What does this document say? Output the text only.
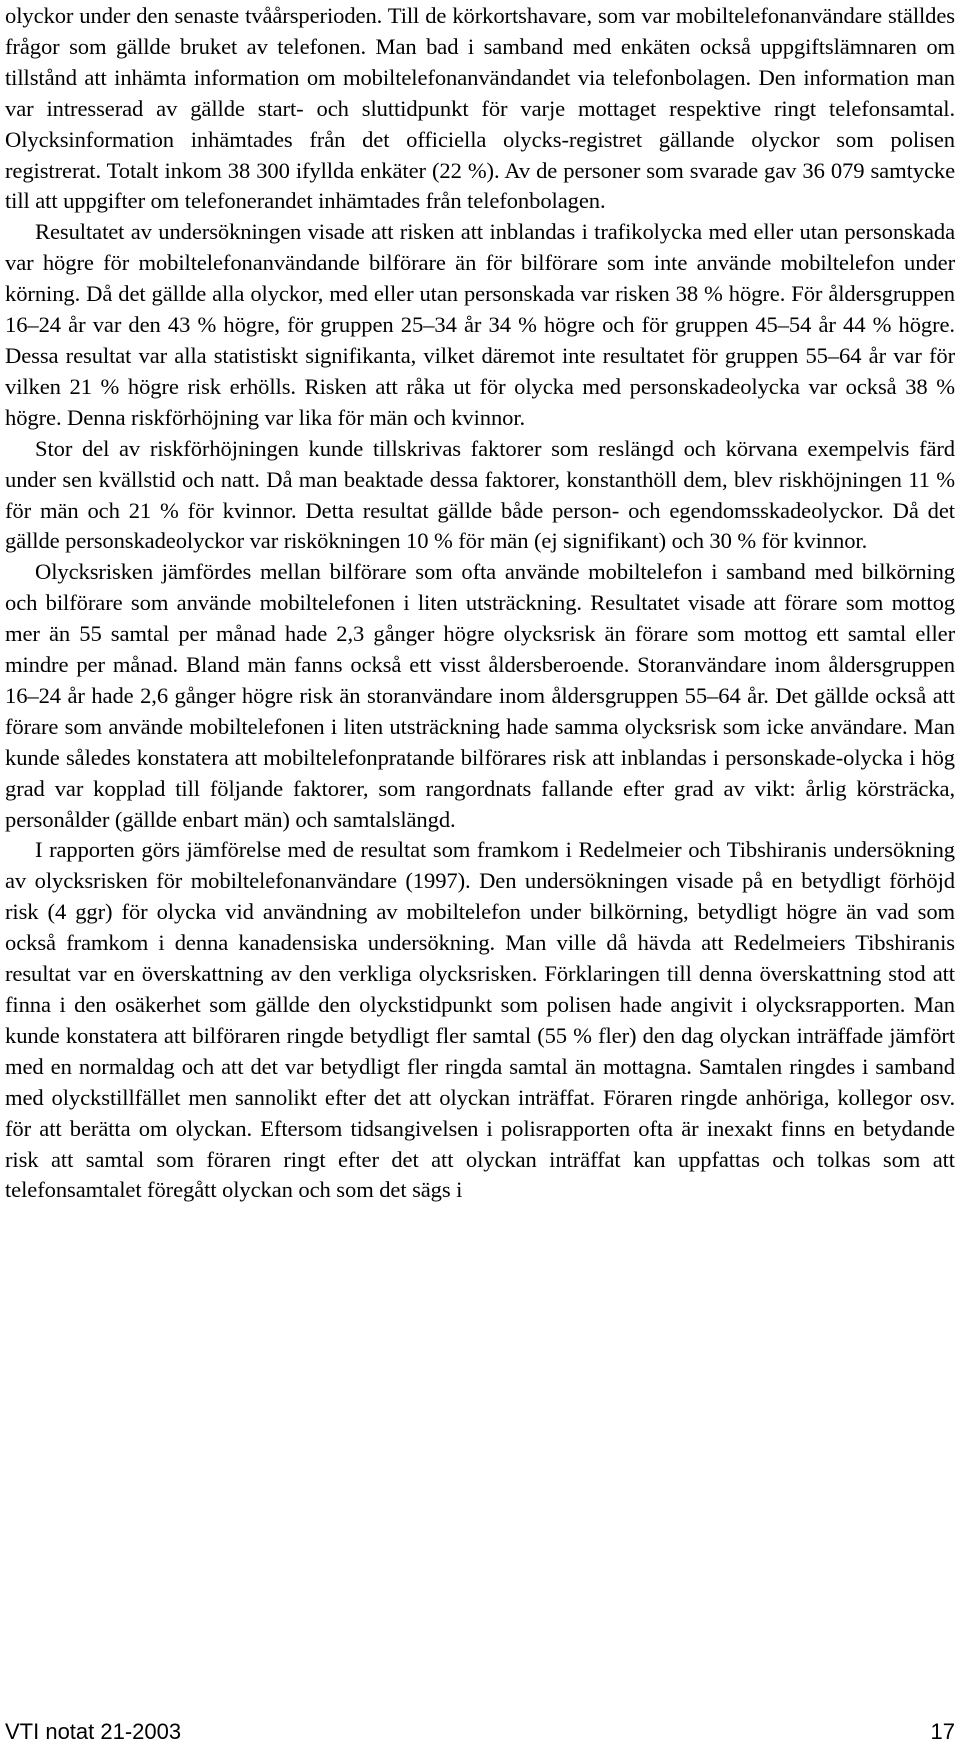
olyckor under den senaste tvåårsperioden. Till de körkortshavare, som var mobiltelefonanvändare ställdes frågor som gällde bruket av telefonen. Man bad i samband med enkäten också uppgiftslämnaren om tillstånd att inhämta information om mobiltelefonanvändandet via telefonbolagen. Den information man var intresserad av gällde start- och sluttidpunkt för varje mottaget respektive ringt telefonsamtal. Olycksinformation inhämtades från det officiella olycks-registret gällande olyckor som polisen registrerat. Totalt inkom 38 300 ifyllda enkäter (22 %). Av de personer som svarade gav 36 079 samtycke till att uppgifter om telefonerandet inhämtades från telefonbolagen.

Resultatet av undersökningen visade att risken att inblandas i trafikolycka med eller utan personskada var högre för mobiltelefonanvändande bilförare än för bilförare som inte använde mobiltelefon under körning. Då det gällde alla olyckor, med eller utan personskada var risken 38 % högre. För åldersgruppen 16–24 år var den 43 % högre, för gruppen 25–34 år 34 % högre och för gruppen 45–54 år 44 % högre. Dessa resultat var alla statistiskt signifikanta, vilket däremot inte resultatet för gruppen 55–64 år var för vilken 21 % högre risk erhölls. Risken att råka ut för olycka med personskadeolycka var också 38 % högre. Denna riskförhöjning var lika för män och kvinnor.

Stor del av riskförhöjningen kunde tillskrivas faktorer som reslängd och körvana exempelvis färd under sen kvällstid och natt. Då man beaktade dessa faktorer, konstanthöll dem, blev riskhöjningen 11 % för män och 21 % för kvinnor. Detta resultat gällde både person- och egendomsskadeolyckor. Då det gällde personskadeolyckor var riskökningen 10 % för män (ej signifikant) och 30 % för kvinnor.

Olycksrisken jämfördes mellan bilförare som ofta använde mobiltelefon i samband med bilkörning och bilförare som använde mobiltelefonen i liten utsträckning. Resultatet visade att förare som mottog mer än 55 samtal per månad hade 2,3 gånger högre olycksrisk än förare som mottog ett samtal eller mindre per månad. Bland män fanns också ett visst åldersberoende. Storanvändare inom åldersgruppen 16–24 år hade 2,6 gånger högre risk än storanvändare inom åldersgruppen 55–64 år. Det gällde också att förare som använde mobiltelefonen i liten utsträckning hade samma olycksrisk som icke användare. Man kunde således konstatera att mobiltelefonpratande bilförares risk att inblandas i personskade-olycka i hög grad var kopplad till följande faktorer, som rangordnats fallande efter grad av vikt: årlig körsträcka, personålder (gällde enbart män) och samtalslängd.

I rapporten görs jämförelse med de resultat som framkom i Redelmeier och Tibshiranis undersökning av olycksrisken för mobiltelefonanvändare (1997). Den undersökningen visade på en betydligt förhöjd risk (4 ggr) för olycka vid användning av mobiltelefon under bilkörning, betydligt högre än vad som också framkom i denna kanadensiska undersökning. Man ville då hävda att Redelmeiers Tibshiranis resultat var en överskattning av den verkliga olycksrisken. Förklaringen till denna överskattning stod att finna i den osäkerhet som gällde den olyckstidpunkt som polisen hade angivit i olycksrapporten. Man kunde konstatera att bilföraren ringde betydligt fler samtal (55 % fler) den dag olyckan inträffade jämfört med en normaldag och att det var betydligt fler ringda samtal än mottagna. Samtalen ringdes i samband med olyckstillfället men sannolikt efter det att olyckan inträffat. Föraren ringde anhöriga, kollegor osv. för att berätta om olyckan. Eftersom tidsangivelsen i polisrapporten ofta är inexakt finns en betydande risk att samtal som föraren ringt efter det att olyckan inträffat kan uppfattas och tolkas som att telefonsamtalet föregått olyckan och som det sägs i

VTI notat 21-2003	17
